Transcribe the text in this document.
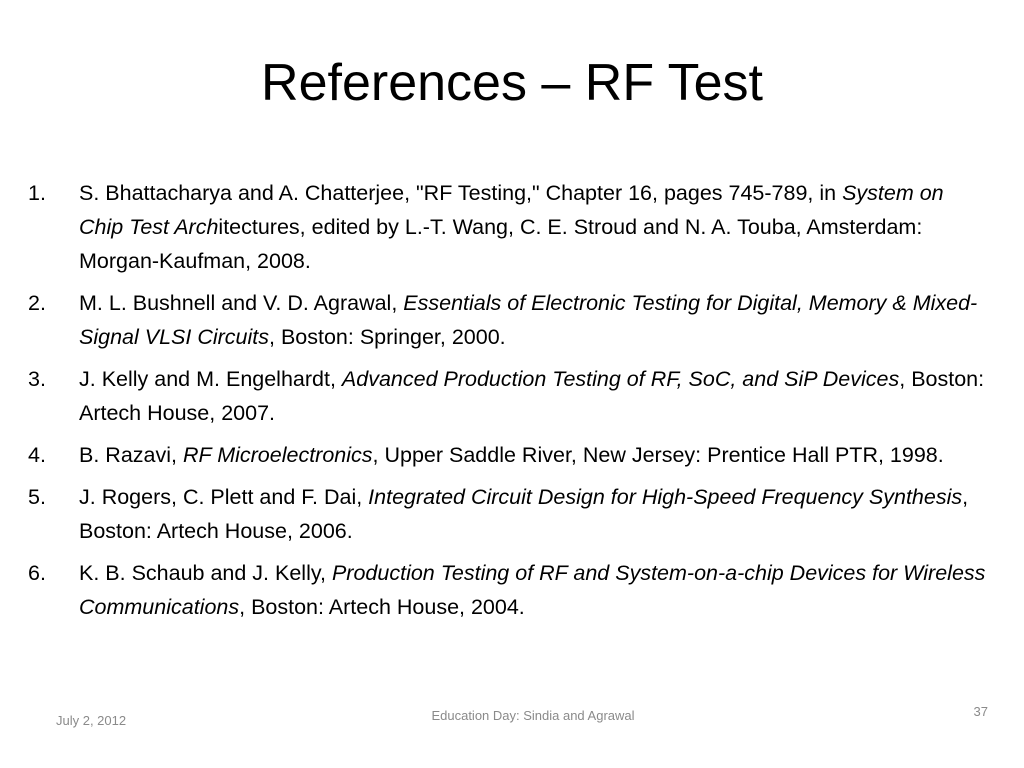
References – RF Test
1. S. Bhattacharya and A. Chatterjee, "RF Testing," Chapter 16, pages 745-789, in System on Chip Test Architectures, edited by L.-T. Wang, C. E. Stroud and N. A. Touba, Amsterdam: Morgan-Kaufman, 2008.
2. M. L. Bushnell and V. D. Agrawal, Essentials of Electronic Testing for Digital, Memory & Mixed-Signal VLSI Circuits, Boston: Springer, 2000.
3. J. Kelly and M. Engelhardt, Advanced Production Testing of RF, SoC, and SiP Devices, Boston: Artech House, 2007.
4. B. Razavi, RF Microelectronics, Upper Saddle River, New Jersey: Prentice Hall PTR, 1998.
5. J. Rogers, C. Plett and F. Dai, Integrated Circuit Design for High-Speed Frequency Synthesis, Boston: Artech House, 2006.
6. K. B. Schaub and J. Kelly, Production Testing of RF and System-on-a-chip Devices for Wireless Communications, Boston: Artech House, 2004.
July 2, 2012	Education Day: Sindia and Agrawal	37
